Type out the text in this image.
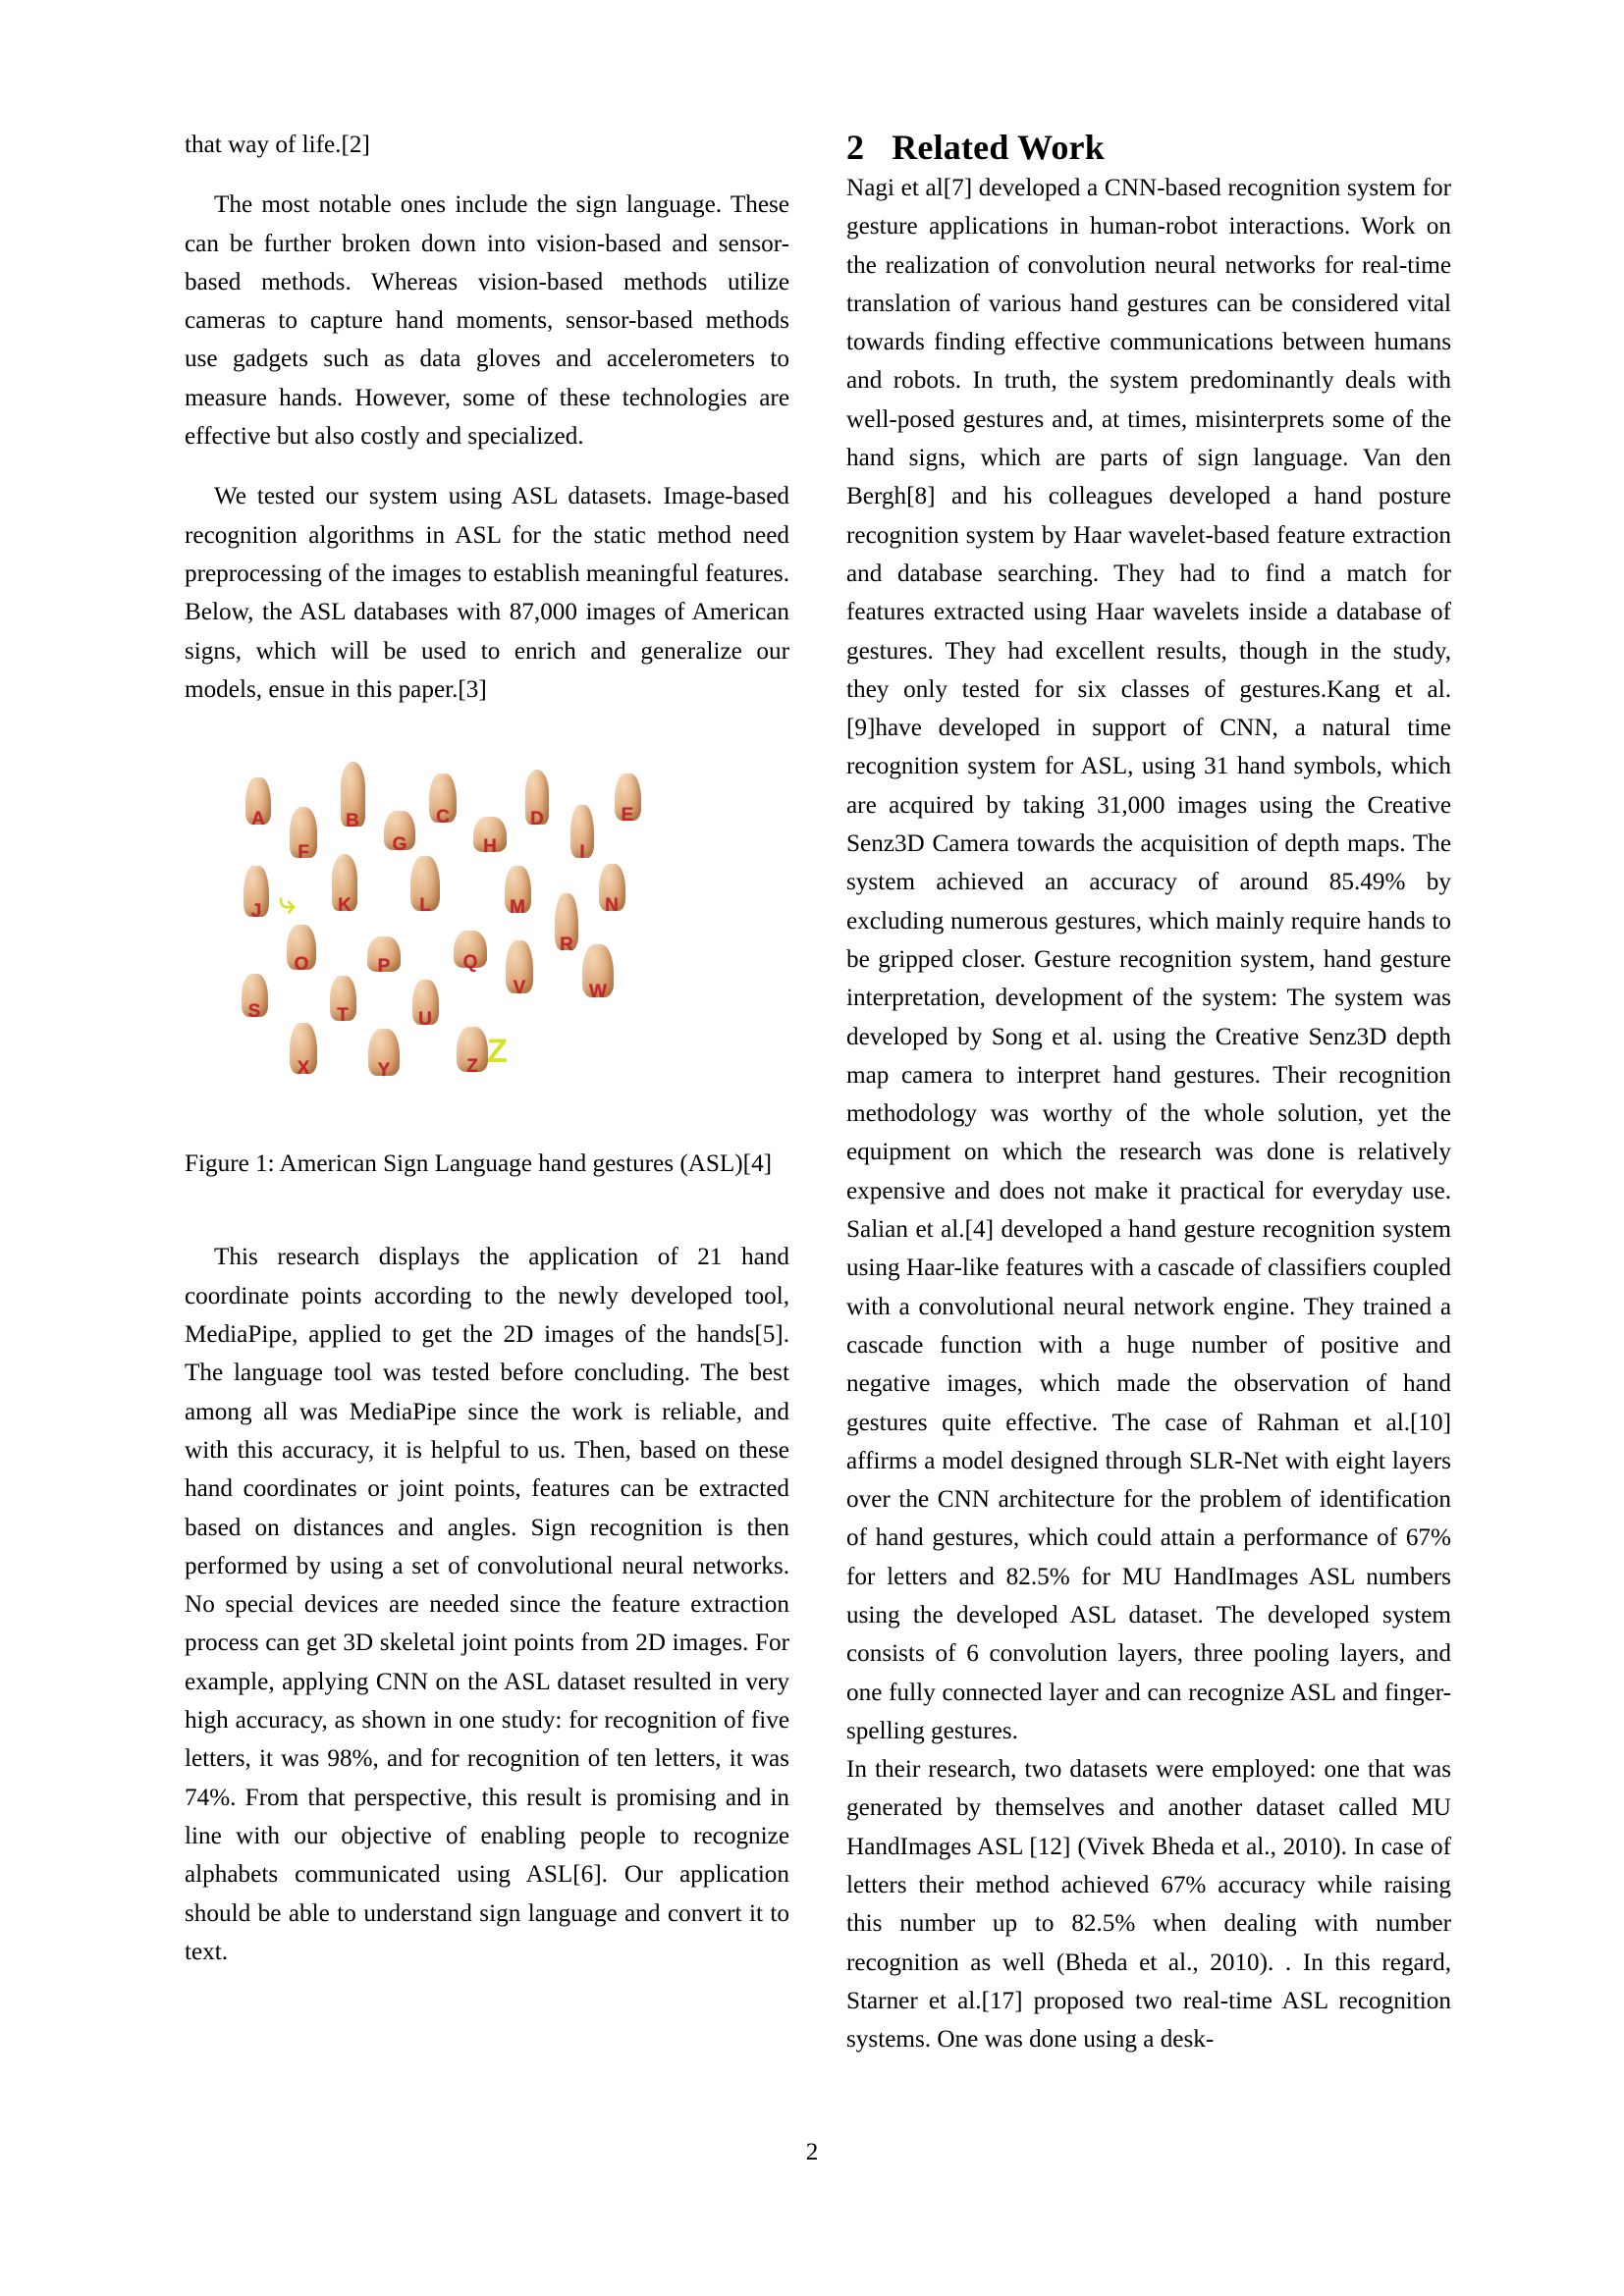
that way of life.[2]

The most notable ones include the sign language. These can be further broken down into vision-based and sensor-based methods. Whereas vision-based methods utilize cameras to capture hand moments, sensor-based methods use gadgets such as data gloves and accelerometers to measure hands. However, some of these technologies are effective but also costly and specialized.

We tested our system using ASL datasets. Image-based recognition algorithms in ASL for the static method need preprocessing of the images to establish meaningful features. Below, the ASL databases with 87,000 images of American signs, which will be used to enrich and generalize our models, ensue in this paper.[3]

A
F
B
G
C
H
D
I
E
J ⤷	K	L	M
R
N
O	P	Q
V	W
S	T	U
X	Y	Z Z
Figure 1: American Sign Language hand gestures (ASL)[4]

This research displays the application of 21 hand coordinate points according to the newly developed tool, MediaPipe, applied to get the 2D images of the hands[5]. The language tool was tested before concluding. The best among all was MediaPipe since the work is reliable, and with this accuracy, it is helpful to us. Then, based on these hand coordinates or joint points, features can be extracted based on distances and angles. Sign recognition is then performed by using a set of convolutional neural networks. No special devices are needed since the feature extraction process can get 3D skeletal joint points from 2D images. For example, applying CNN on the ASL dataset resulted in very high accuracy, as shown in one study: for recognition of five letters, it was 98%, and for recognition of ten letters, it was 74%. From that perspective, this result is promising and in line with our objective of enabling people to recognize alphabets communicated using ASL[6]. Our application should be able to understand sign language and convert it to text.

2 Related Work

Nagi et al[7] developed a CNN-based recognition system for gesture applications in human-robot interactions. Work on the realization of convolution neural networks for real-time translation of various hand gestures can be considered vital towards finding effective communications between humans and robots. In truth, the system predominantly deals with well-posed gestures and, at times, misinterprets some of the hand signs, which are parts of sign language. Van den Bergh[8] and his colleagues developed a hand posture recognition system by Haar wavelet-based feature extraction and database searching. They had to find a match for features extracted using Haar wavelets inside a database of gestures. They had excellent results, though in the study, they only tested for six classes of gestures.Kang et al.[9]have developed in support of CNN, a natural time recognition system for ASL, using 31 hand symbols, which are acquired by taking 31,000 images using the Creative Senz3D Camera towards the acquisition of depth maps. The system achieved an accuracy of around 85.49% by excluding numerous gestures, which mainly require hands to be gripped closer. Gesture recognition system, hand gesture interpretation, development of the system: The system was developed by Song et al. using the Creative Senz3D depth map camera to interpret hand gestures. Their recognition methodology was worthy of the whole solution, yet the equipment on which the research was done is relatively expensive and does not make it practical for everyday use. Salian et al.[4] developed a hand gesture recognition system using Haar-like features with a cascade of classifiers coupled with a convolutional neural network engine. They trained a cascade function with a huge number of positive and negative images, which made the observation of hand gestures quite effective. The case of Rahman et al.[10] affirms a model designed through SLR-Net with eight layers over the CNN architecture for the problem of identification of hand gestures, which could attain a performance of 67% for letters and 82.5% for MU HandImages ASL numbers using the developed ASL dataset. The developed system consists of 6 convolution layers, three pooling layers, and one fully connected layer and can recognize ASL and finger-spelling gestures.

In their research, two datasets were employed: one that was generated by themselves and another dataset called MU HandImages ASL [12] (Vivek Bheda et al., 2010). In case of letters their method achieved 67% accuracy while raising this number up to 82.5% when dealing with number recognition as well (Bheda et al., 2010). . In this regard, Starner et al.[17] proposed two real-time ASL recognition systems. One was done using a desk-

2
